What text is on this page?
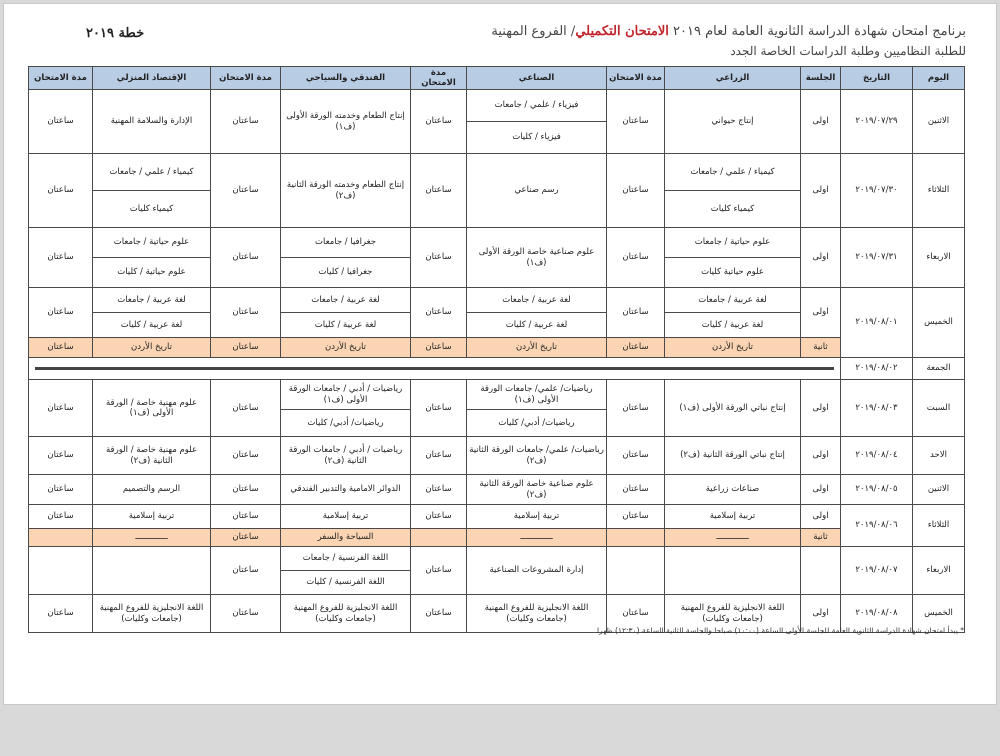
خطة ٢٠١٩	برنامج امتحان شهادة الدراسة الثانوية العامة لعام ٢٠١٩ الامتحان التكميلي/ الفروع المهنية
للطلبة النظاميين وطلبة الدراسات الخاصة الجدد
اليوم	التاريخ	الجلسة	الزراعي	مدة الامتحان	الصناعي	مدة الامتحان	الفندقي والسياحي	مدة الامتحان	الإقتصاد المنزلي	مدة الامتحان
الاثنين	٢٠١٩/٠٧/٢٩	اولى	إنتاج حيواني	ساعتان	فيزياء / علمي / جامعات	ساعتان	إنتاج الطعام وخدمته الورقة الأولى (ف١)	ساعتان	الإدارة والسلامة المهنية	ساعتان
					فيزياء / كليات					
الثلاثاء	٢٠١٩/٠٧/٣٠	اولى	كيمياء / علمي / جامعات	ساعتان	رسم صناعي	ساعتان	إنتاج الطعام وخدمته الورقة الثانية (ف٢)	ساعتان	كيمياء / علمي / جامعات	ساعتان
			كيمياء كليات						كيمياء كليات	
الاربعاء	٢٠١٩/٠٧/٣١	اولى	علوم حياتية / جامعات	ساعتان	علوم صناعية خاصة الورقة الأولى (ف١)	ساعتان	جغرافيا / جامعات	ساعتان	علوم حياتية / جامعات	ساعتان
			علوم حياتية كليات				جغرافيا / كليات		علوم حياتية / كليات	
الخميس	٢٠١٩/٠٨/٠١	اولى	لغة عربية / جامعات	ساعتان	لغة عربية / جامعات	ساعتان	لغة عربية / جامعات	ساعتان	لغة عربية / جامعات	ساعتان
			لغة عربية / كليات		لغة عربية / كليات		لغة عربية / كليات		لغة عربية / كليات	
		ثانية	تاريخ الأردن	ساعتان	تاريخ الأردن	ساعتان	تاريخ الأردن	ساعتان	تاريخ الأردن	ساعتان
الجمعة	٢٠١٩/٠٨/٠٢									

السبت	٢٠١٩/٠٨/٠٣	اولى	إنتاج نباتي الورقة الأولى (ف١)	ساعتان	رياضيات/ علمي/ جامعات الورقة الأولى (ف١)	ساعتان	رياضيات / أدبي / جامعات الورقة الأولى (ف١)	ساعتان	علوم مهنية خاصة / الورقة الأولى (ف١)	ساعتان
					رياضيات/ أدبي/ كليات		رياضيات/ أدبي/ كليات			
الاحد	٢٠١٩/٠٨/٠٤	اولى	إنتاج نباتي الورقة الثانية (ف٢)	ساعتان	رياضيات/ علمي/ جامعات الورقة الثانية (ف٢)	ساعتان	رياضيات / أدبي / جامعات الورقة الثانية (ف٢)	ساعتان	علوم مهنية خاصة / الورقة الثانية (ف٢)	ساعتان
الاثنين	٢٠١٩/٠٨/٠٥	اولى	صناعات زراعية	ساعتان	علوم صناعية خاصة الورقة الثانية (ف٢)	ساعتان	الدوائر الامامية والتدبير الفندقي	ساعتان	الرسم والتصميم	ساعتان
الثلاثاء	٢٠١٩/٠٨/٠٦	اولى	تربية إسلامية	ساعتان	تربية إسلامية	ساعتان	تربية إسلامية	ساعتان	تربية إسلامية	ساعتان
		ثانية	ـــــــــــــ		ـــــــــــــ		السياحة والسفر	ساعتان	ـــــــــــــ	
الاربعاء	٢٠١٩/٠٨/٠٧				إدارة المشروعات الصناعية	ساعتان	اللغة الفرنسية / جامعات	ساعتان		
							اللغة الفرنسية / كليات			
الخميس	٢٠١٩/٠٨/٠٨	اولى	اللغة الانجليزية للفروع المهنية (جامعات وكليات)	ساعتان	اللغة الانجليزية للفروع المهنية (جامعات وكليات)	ساعتان	اللغة الانجليزية للفروع المهنية (جامعات وكليات)	ساعتان	اللغة الانجليزية للفروع المهنية (جامعات وكليات)	ساعتان
* يبدأ امتحان شهادة الدراسة الثانوية العامة للجلسة الأولى الساعة (١٠:٠٠) صباحا والجلسة الثانية الساعة (١٢:٣٠) ظهرا
